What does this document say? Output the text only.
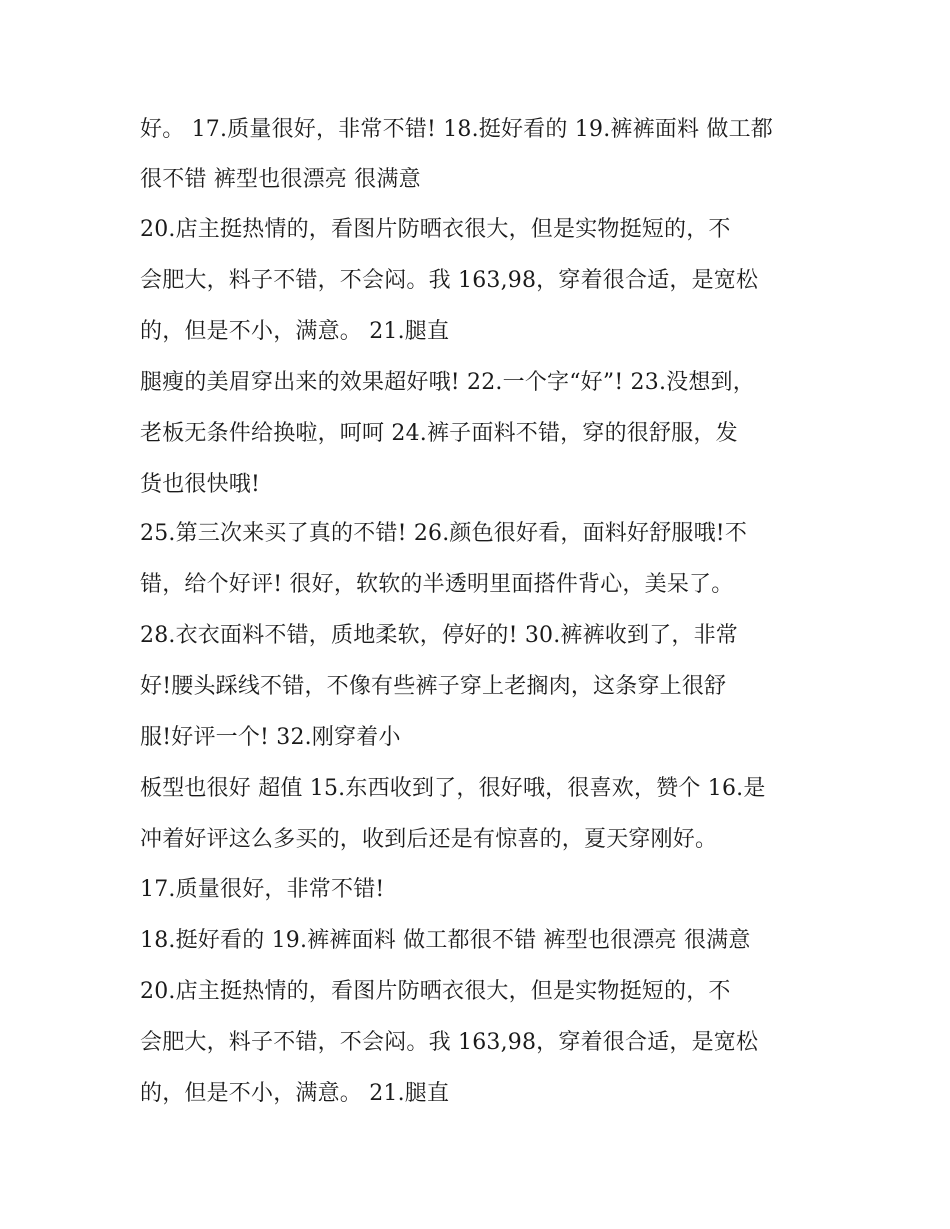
好。 17.质量很好，非常不错! 18.挺好看的 19.裤裤面料 做工都
很不错 裤型也很漂亮 很满意
20.店主挺热情的，看图片防晒衣很大，但是实物挺短的，不
会肥大，料子不错，不会闷。我 163,98，穿着很合适，是宽松
的，但是不小，满意。 21.腿直
腿瘦的美眉穿出来的效果超好哦! 22.一个字“好”! 23.没想到，
老板无条件给换啦，呵呵 24.裤子面料不错，穿的很舒服，发
货也很快哦!
25.第三次来买了真的不错! 26.颜色很好看，面料好舒服哦!不
错，给个好评! 很好，软软的半透明里面搭件背心，美呆了。
28.衣衣面料不错，质地柔软，停好的! 30.裤裤收到了，非常
好!腰头踩线不错，不像有些裤子穿上老搁肉，这条穿上很舒
服!好评一个! 32.刚穿着小
板型也很好 超值 15.东西收到了，很好哦，很喜欢，赞个 16.是
冲着好评这么多买的，收到后还是有惊喜的，夏天穿刚好。
17.质量很好，非常不错!
18.挺好看的 19.裤裤面料 做工都很不错 裤型也很漂亮 很满意
20.店主挺热情的，看图片防晒衣很大，但是实物挺短的，不
会肥大，料子不错，不会闷。我 163,98，穿着很合适，是宽松
的，但是不小，满意。 21.腿直
